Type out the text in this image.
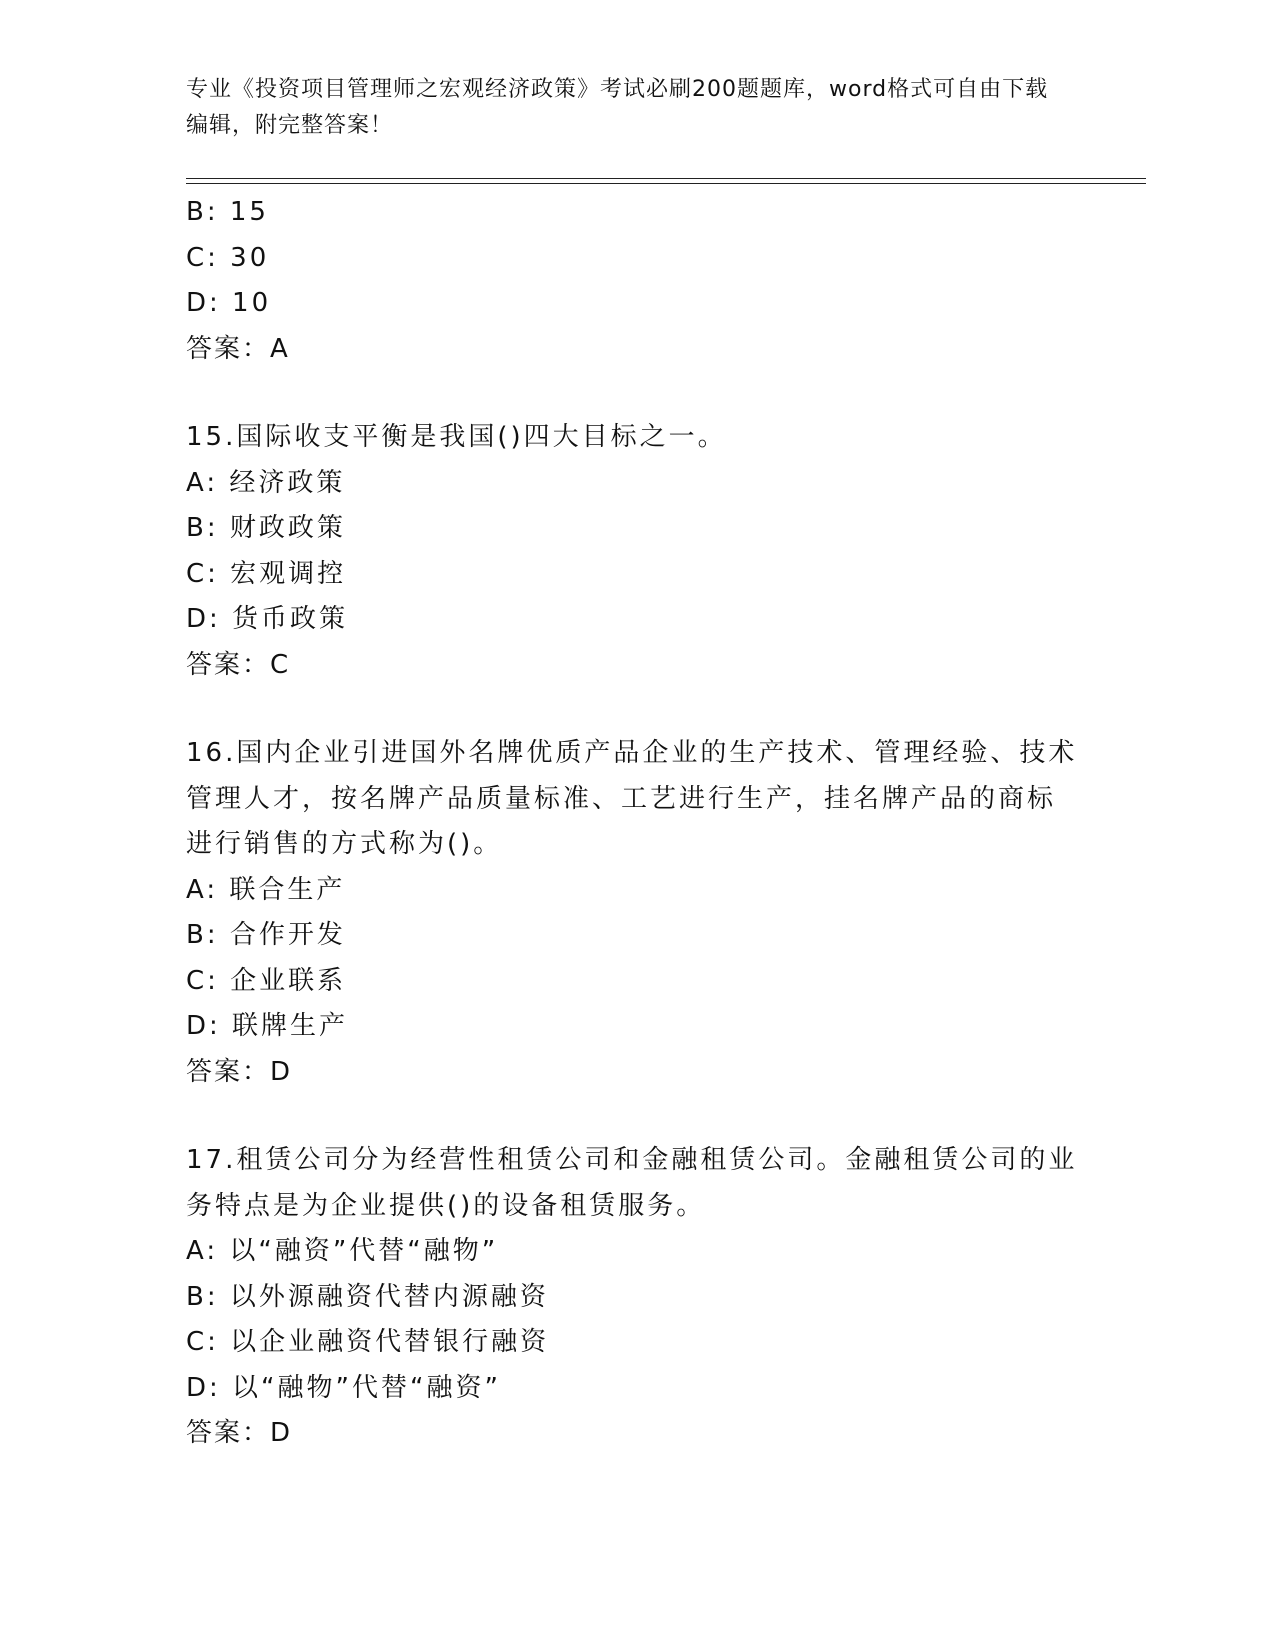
专业《投资项目管理师之宏观经济政策》考试必刷200题题库，word格式可自由下载编辑，附完整答案！
B: 15
C: 30
D: 10
答案：A
15.国际收支平衡是我国()四大目标之一。
A: 经济政策
B: 财政政策
C: 宏观调控
D: 货币政策
答案：C
16.国内企业引进国外名牌优质产品企业的生产技术、管理经验、技术
管理人才，按名牌产品质量标准、工艺进行生产，挂名牌产品的商标
进行销售的方式称为()。
A: 联合生产
B: 合作开发
C: 企业联系
D: 联牌生产
答案：D
17.租赁公司分为经营性租赁公司和金融租赁公司。金融租赁公司的业
务特点是为企业提供()的设备租赁服务。
A: 以“融资”代替“融物”
B: 以外源融资代替内源融资
C: 以企业融资代替银行融资
D: 以“融物”代替“融资”
答案：D
